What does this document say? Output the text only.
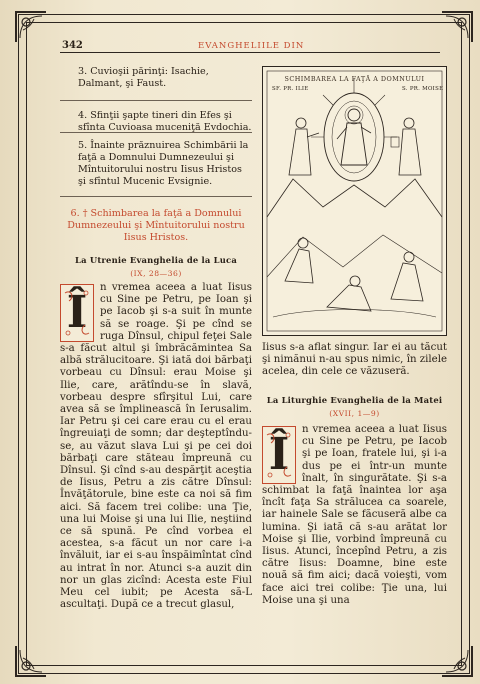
342	EVANGHELIILE DIN

3. Cuvioşii părinţi: Isachie, Dalmant, şi Faust.

4. Sfinţii şapte tineri din Efes şi sfînta Cuvioasa muceniţă Evdochia.

5. Înainte prăznuirea Schimbării la faţă a Domnului Dumnezeului şi Mîntuitorului nostru Iisus Hristos şi sfîntul Mucenic Evsignie.

6. † Schimbarea la faţă a Domnului Dumnezeului şi Mîntuitorului nostru Iisus Hristos.
La Utrenie Evanghelia de la Luca
(IX, 28—36)
Î n vremea aceea a luat Iisus cu Sine pe Petru, pe Ioan şi pe Iacob şi s-a suit în munte să se roage. Şi pe cînd se ruga Dînsul, chipul feţei Sale s-a făcut altul şi îmbrăcămintea Sa albă strălucitoare. Şi iată doi bărbaţi vorbeau cu Dînsul: erau Moise şi Ilie, care, arătîndu-se în slavă, vorbeau despre sfîrşitul Lui, care avea să se împlinească în Ierusalim. Iar Petru şi cei care erau cu el erau îngreuiaţi de somn; dar deşteptîndu-se, au văzut slava Lui şi pe cei doi bărbaţi care stăteau împreună cu Dînsul. Şi cînd s-au despărţit aceştia de Iisus, Petru a zis către Dînsul: Învăţătorule, bine este ca noi să fim aici. Să facem trei colibe: una Ţie, una lui Moise şi una lui Ilie, neştiind ce să spună. Pe cînd vorbea el acestea, s-a făcut un nor care i-a învăluit, iar ei s-au înspăimîntat cînd au intrat în nor. Atunci s-a auzit din nor un glas zicînd: Acesta este Fiul Meu cel iubit; pe Acesta să-L ascultaţi. După ce a trecut glasul,
SCHIMBAREA LA FAŢĂ A DOMNULUI
SF. PR. ILIE	S. PR. MOISE
Iisus s-a aflat singur. Iar ei au tăcut şi nimănui n-au spus nimic, în zilele acelea, din cele ce văzuseră.
La Liturghie Evanghelia de la Matei
(XVII, 1—9)
Î n vremea aceea a luat Iisus cu Sine pe Petru, pe Iacob şi pe Ioan, fratele lui, şi i-a dus pe ei într-un munte înalt, în singurătate. Şi s-a schimbat la faţă înaintea lor aşa încît faţa Sa strălucea ca soarele, iar hainele Sale se făcuseră albe ca lumina. Şi iată că s-au arătat lor Moise şi Ilie, vorbind împreună cu Iisus. Atunci, începînd Petru, a zis către Iisus: Doamne, bine este nouă să fim aici; dacă voieşti, vom face aici trei colibe: Ţie una, lui Moise una şi una
